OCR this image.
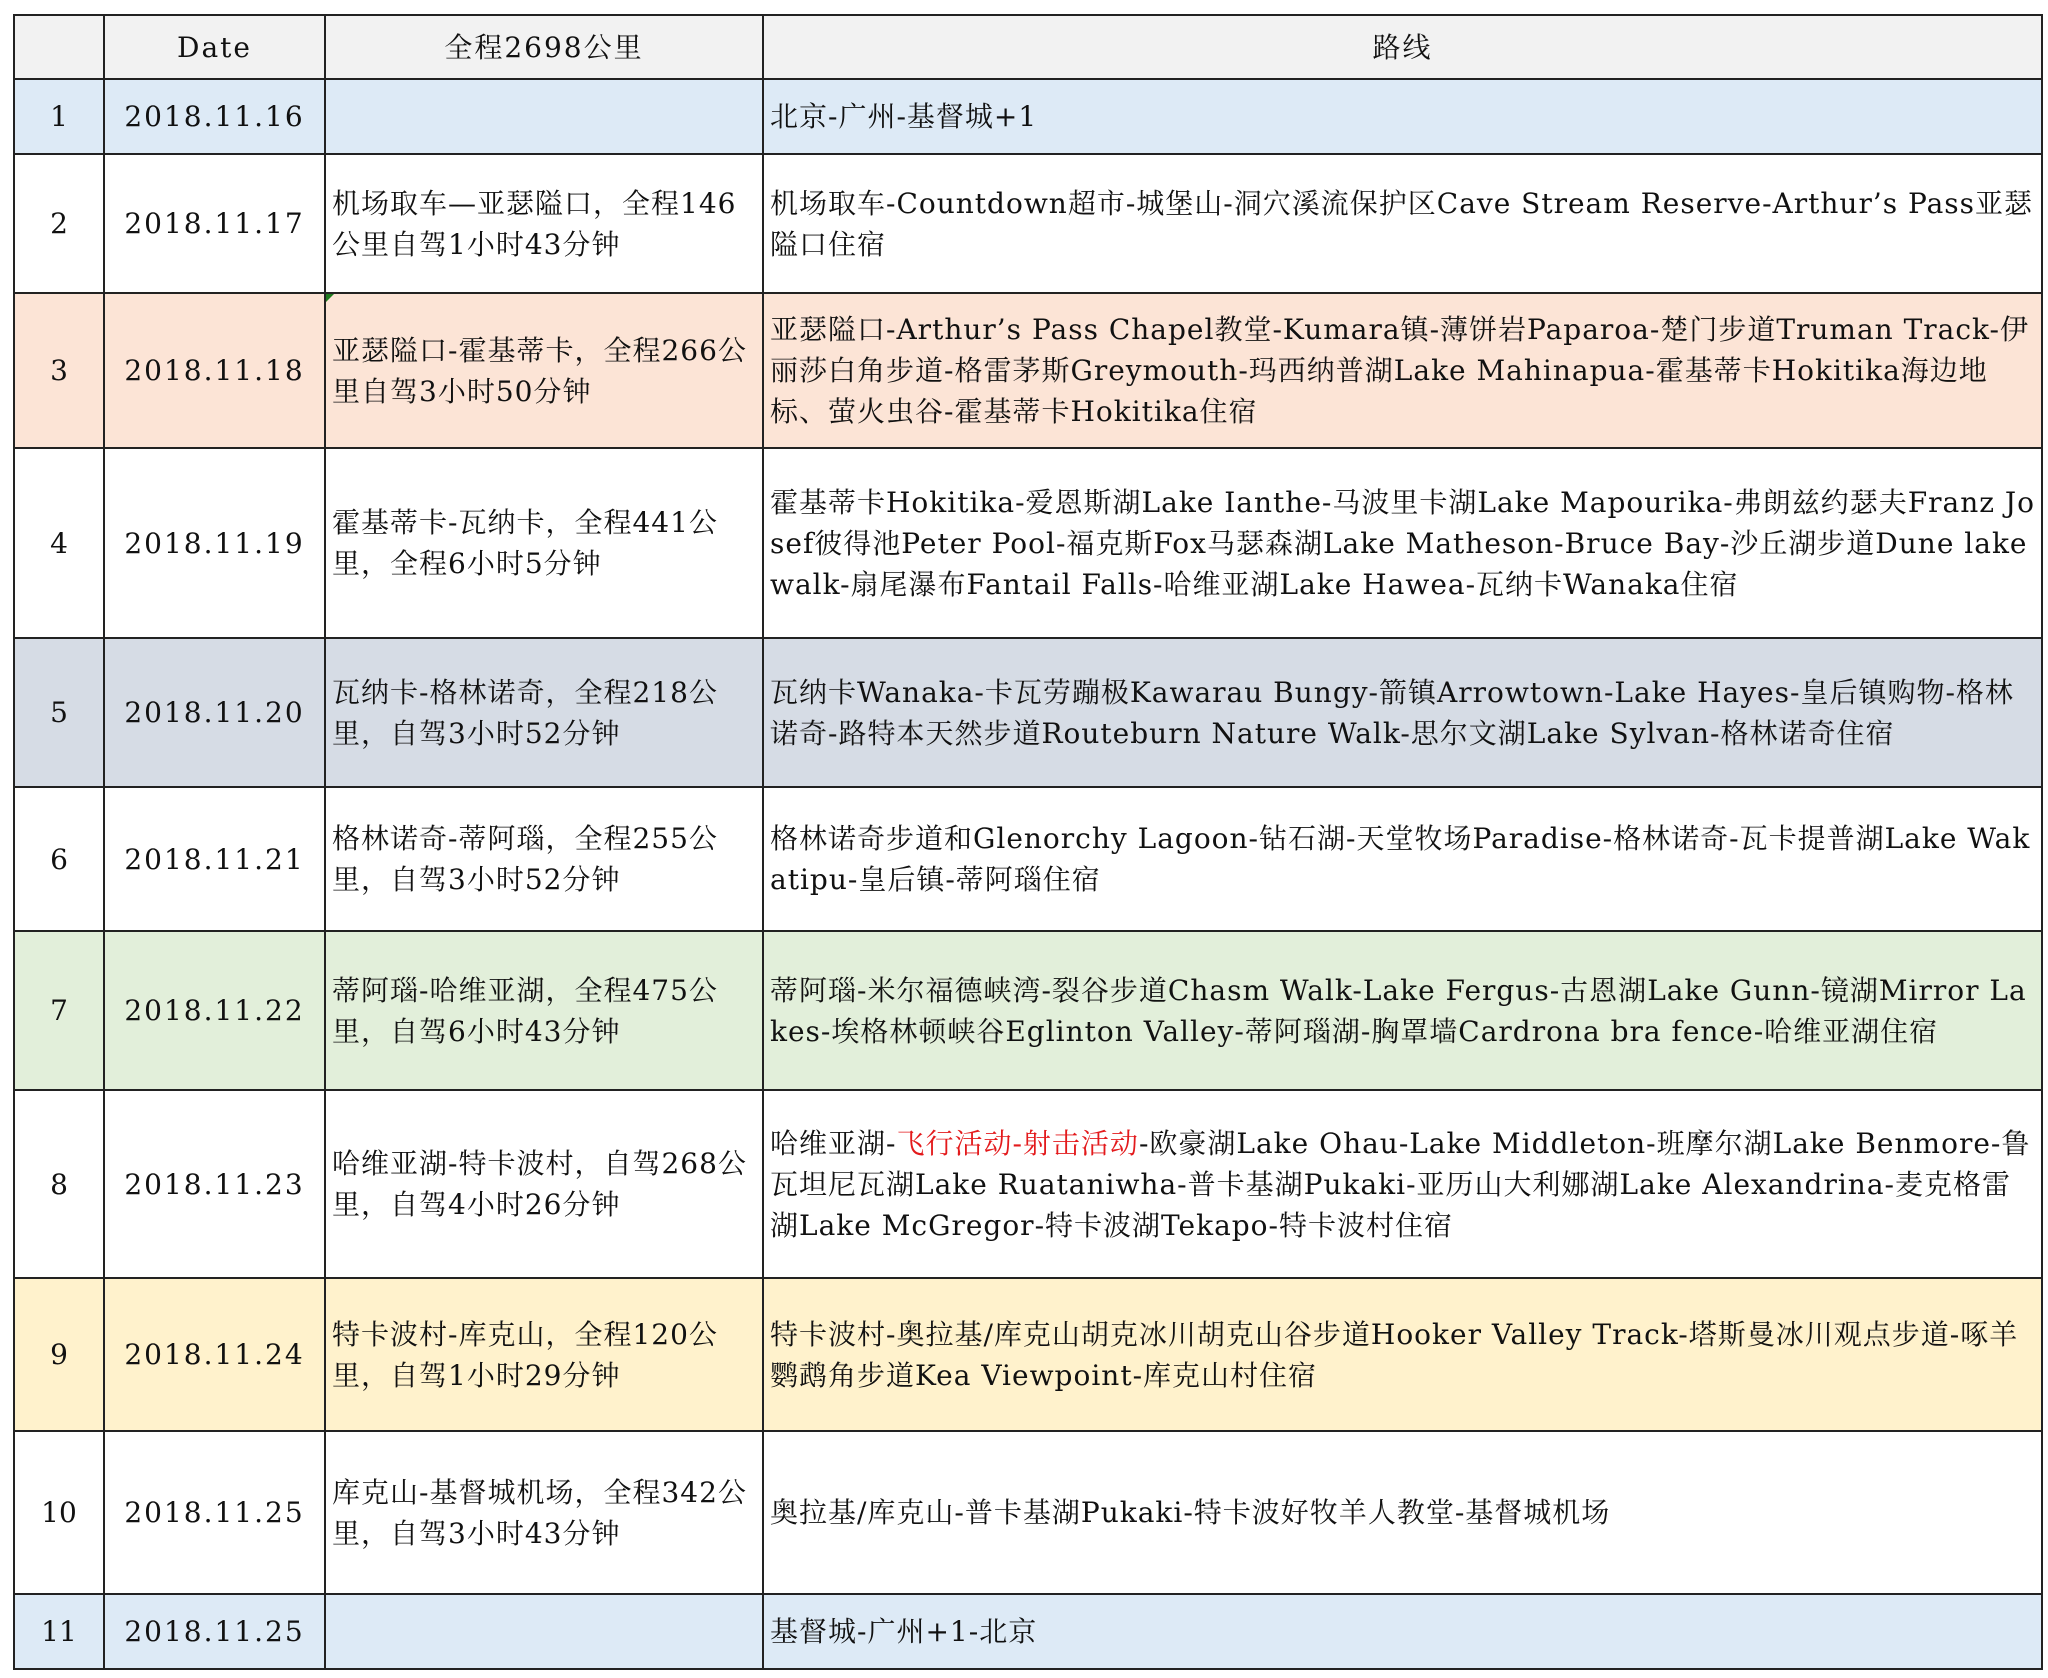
	Date	全程2698公里	路线
1	2018.11.16		北京-广州-基督城+1
2	2018.11.17	机场取车—亚瑟隘口，全程146公里自驾1小时43分钟	机场取车-Countdown超市-城堡山-洞穴溪流保护区Cave Stream Reserve-Arthur’s Pass亚瑟隘口住宿
3	2018.11.18	亚瑟隘口-霍基蒂卡，全程266公里自驾3小时50分钟	亚瑟隘口-Arthur’s Pass Chapel教堂-Kumara镇-薄饼岩Paparoa-楚门步道Truman Track-伊丽莎白角步道-格雷茅斯Greymouth-玛西纳普湖Lake Mahinapua-霍基蒂卡Hokitika海边地标、萤火虫谷-霍基蒂卡Hokitika住宿
4	2018.11.19	霍基蒂卡-瓦纳卡，全程441公里，全程6小时5分钟	霍基蒂卡Hokitika-爱恩斯湖Lake Ianthe-马波里卡湖Lake Mapourika-弗朗兹约瑟夫Franz Josef彼得池Peter Pool-福克斯Fox马瑟森湖Lake Matheson-Bruce Bay-沙丘湖步道Dune lake walk-扇尾瀑布Fantail Falls-哈维亚湖Lake Hawea-瓦纳卡Wanaka住宿
5	2018.11.20	瓦纳卡-格林诺奇，全程218公里，自驾3小时52分钟	瓦纳卡Wanaka-卡瓦劳蹦极Kawarau Bungy-箭镇Arrowtown-Lake Hayes-皇后镇购物-格林诺奇-路特本天然步道Routeburn Nature Walk-思尔文湖Lake Sylvan-格林诺奇住宿
6	2018.11.21	格林诺奇-蒂阿瑙，全程255公里，自驾3小时52分钟	格林诺奇步道和Glenorchy Lagoon-钻石湖-天堂牧场Paradise-格林诺奇-瓦卡提普湖Lake Wakatipu-皇后镇-蒂阿瑙住宿
7	2018.11.22	蒂阿瑙-哈维亚湖，全程475公里，自驾6小时43分钟	蒂阿瑙-米尔福德峡湾-裂谷步道Chasm Walk-Lake Fergus-古恩湖Lake Gunn-镜湖Mirror Lakes-埃格林顿峡谷Eglinton Valley-蒂阿瑙湖-胸罩墙Cardrona bra fence-哈维亚湖住宿
8	2018.11.23	哈维亚湖-特卡波村，自驾268公里，自驾4小时26分钟	哈维亚湖-飞行活动-射击活动-欧豪湖Lake Ohau-Lake Middleton-班摩尔湖Lake Benmore-鲁瓦坦尼瓦湖Lake Ruataniwha-普卡基湖Pukaki-亚历山大利娜湖Lake Alexandrina-麦克格雷湖Lake McGregor-特卡波湖Tekapo-特卡波村住宿
9	2018.11.24	特卡波村-库克山，全程120公里，自驾1小时29分钟	特卡波村-奥拉基/库克山胡克冰川胡克山谷步道Hooker Valley Track-塔斯曼冰川观点步道-啄羊鹦鹉角步道Kea Viewpoint-库克山村住宿
10	2018.11.25	库克山-基督城机场，全程342公里，自驾3小时43分钟	奥拉基/库克山-普卡基湖Pukaki-特卡波好牧羊人教堂-基督城机场
11	2018.11.25		基督城-广州+1-北京
